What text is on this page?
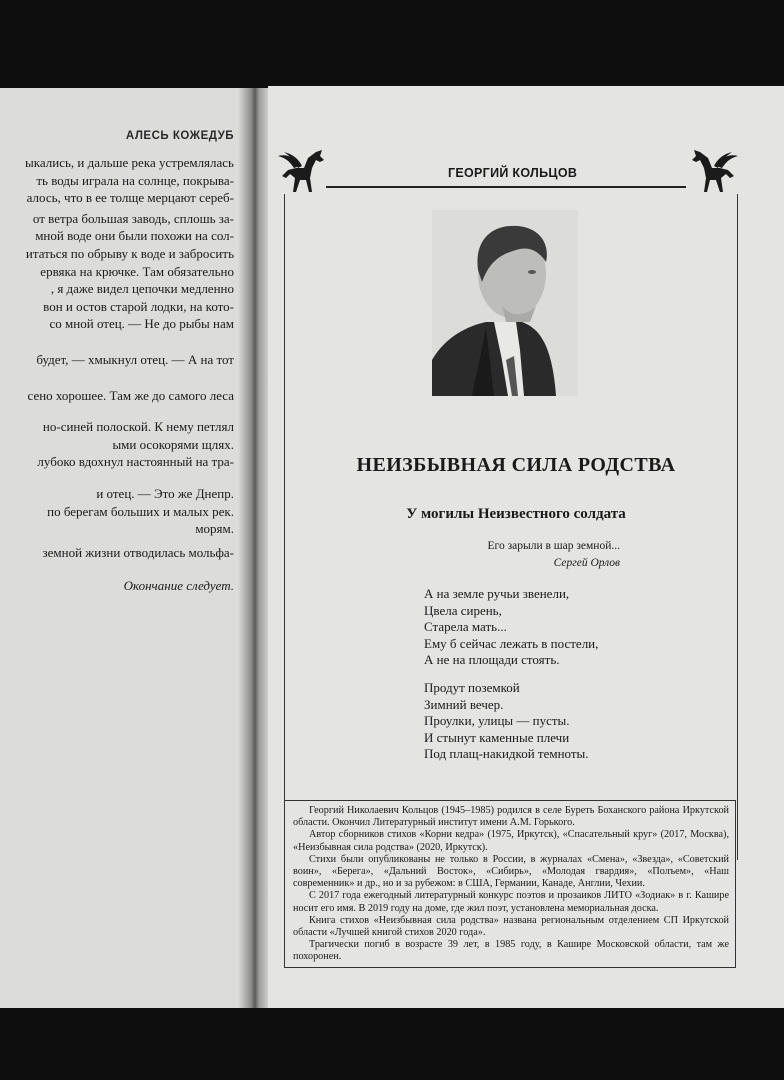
АЛЕСЬ КОЖЕДУБ

ыкались, и дальше река устремлялась

ть воды играла на солнце, покрыва-

алось, что в ее толще мерцают сереб-

от ветра большая заводь, сплошь за-

мной воде они были похожи на сол-

итаться по обрыву к воде и забросить

ервяка на крючке. Там обязательно

, я даже видел цепочки медленно

вон и остов старой лодки, на кото-

со мной отец. — Не до рыбы нам

будет, — хмыкнул отец. — А на тот

сено хорошее. Там же до самого леса

но-синей полоской. К нему петлял

ыми осокорями щлях.

лубоко вдохнул настоянный на тра-

и отец. — Это же Днепр.

по берегам больших и малых рек.

морям.

земной жизни отводилась мольфа-

Окончание следует.

ГЕОРГИЙ КОЛЬЦОВ
НЕИЗБЫВНАЯ СИЛА РОДСТВА
У могилы Неизвестного солдата
Его зарыли в шар земной...
Сергей Орлов

А на земле ручьи звенели,

Цвела сирень,

Старела мать...

Ему б сейчас лежать в постели,

А не на площади стоять.

Продут поземкой

Зимний вечер.

Проулки, улицы — пусты.

И стынут каменные плечи

Под плащ-накидкой темноты.

Георгий Николаевич Кольцов (1945–1985) родился в селе Буреть Боханского района Иркутской области. Окончил Литературный институт имени А.М. Горького.

Автор сборников стихов «Корни кедра» (1975, Иркутск), «Спасательный круг» (2017, Москва), «Неизбывная сила родства» (2020, Иркутск).

Стихи были опубликованы не только в России, в журналах «Смена», «Звезда», «Советский воин», «Берега», «Дальний Восток», «Сибирь», «Молодая гвардия», «Полъем», «Наш современник» и др., но и за рубежом: в США, Германии, Канаде, Англии, Чехии.

С 2017 года ежегодный литературный конкурс поэтов и прозаиков ЛИТО «Зодиак» в г. Кашире носит его имя. В 2019 году на доме, где жил поэт, установлена мемориальная доска.

Книга стихов «Неизбывная сила родства» названа региональным отделением СП Иркутской области «Лучшей книгой стихов 2020 года».

Трагически погиб в возрасте 39 лет, в 1985 году, в Кашире Московской области, там же похоронен.
